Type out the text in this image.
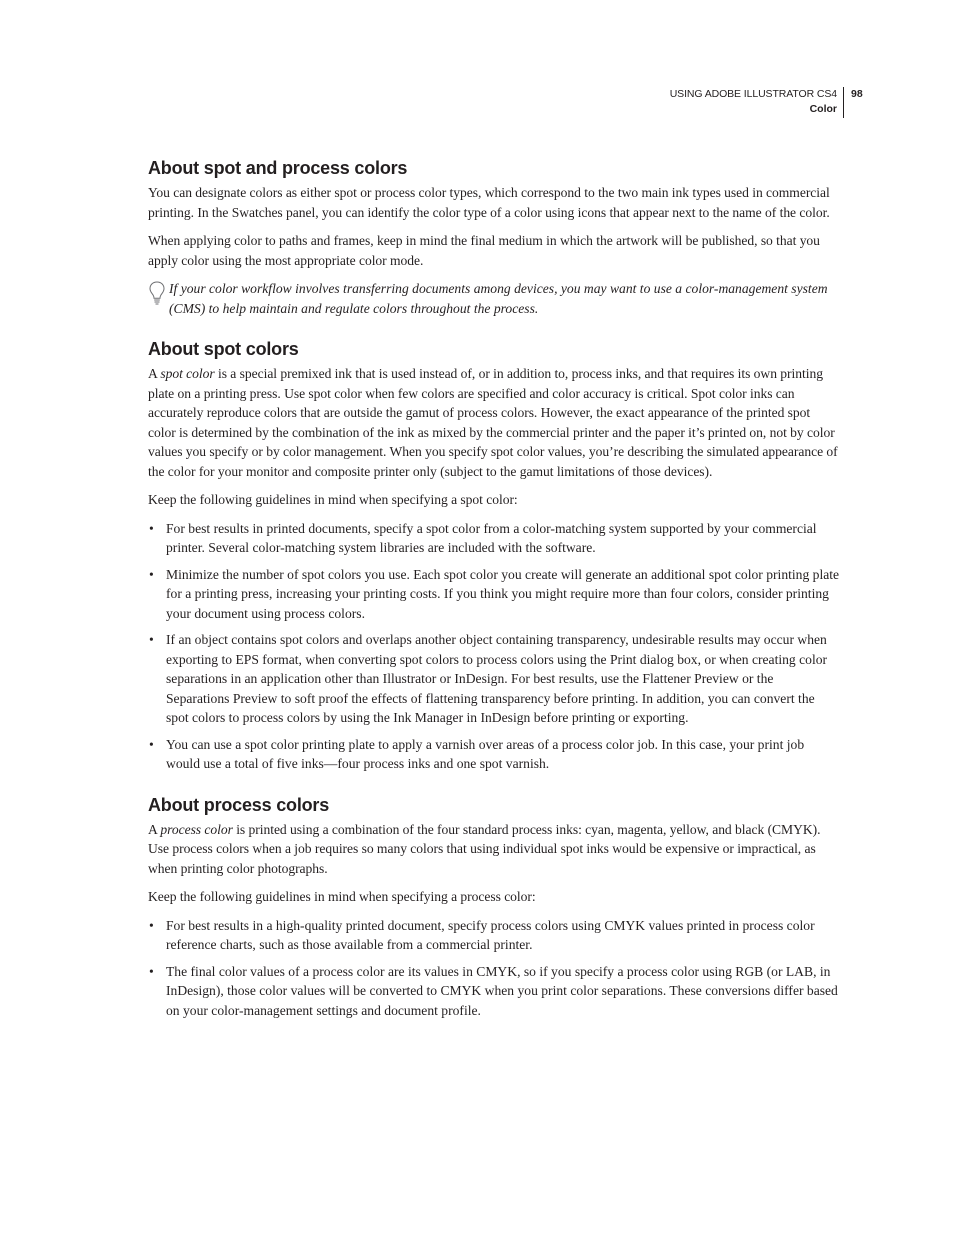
USING ADOBE ILLUSTRATOR CS4
Color
98
About spot and process colors

You can designate colors as either spot or process color types, which correspond to the two main ink types used in commercial printing. In the Swatches panel, you can identify the color type of a color using icons that appear next to the name of the color.

When applying color to paths and frames, keep in mind the final medium in which the artwork will be published, so that you apply color using the most appropriate color mode.

If your color workflow involves transferring documents among devices, you may want to use a color-management system (CMS) to help maintain and regulate colors throughout the process.
About spot colors

A spot color is a special premixed ink that is used instead of, or in addition to, process inks, and that requires its own printing plate on a printing press. Use spot color when few colors are specified and color accuracy is critical. Spot color inks can accurately reproduce colors that are outside the gamut of process colors. However, the exact appearance of the printed spot color is determined by the combination of the ink as mixed by the commercial printer and the paper it’s printed on, not by color values you specify or by color management. When you specify spot color values, you’re describing the simulated appearance of the color for your monitor and composite printer only (subject to the gamut limitations of those devices).

Keep the following guidelines in mind when specifying a spot color:

• For best results in printed documents, specify a spot color from a color-matching system supported by your commercial printer. Several color-matching system libraries are included with the software.
• Minimize the number of spot colors you use. Each spot color you create will generate an additional spot color printing plate for a printing press, increasing your printing costs. If you think you might require more than four colors, consider printing your document using process colors.
• If an object contains spot colors and overlaps another object containing transparency, undesirable results may occur when exporting to EPS format, when converting spot colors to process colors using the Print dialog box, or when creating color separations in an application other than Illustrator or InDesign. For best results, use the Flattener Preview or the Separations Preview to soft proof the effects of flattening transparency before printing. In addition, you can convert the spot colors to process colors by using the Ink Manager in InDesign before printing or exporting.
• You can use a spot color printing plate to apply a varnish over areas of a process color job. In this case, your print job would use a total of five inks—four process inks and one spot varnish.
About process colors

A process color is printed using a combination of the four standard process inks: cyan, magenta, yellow, and black (CMYK). Use process colors when a job requires so many colors that using individual spot inks would be expensive or impractical, as when printing color photographs.

Keep the following guidelines in mind when specifying a process color:

• For best results in a high-quality printed document, specify process colors using CMYK values printed in process color reference charts, such as those available from a commercial printer.
• The final color values of a process color are its values in CMYK, so if you specify a process color using RGB (or LAB, in InDesign), those color values will be converted to CMYK when you print color separations. These conversions differ based on your color-management settings and document profile.
